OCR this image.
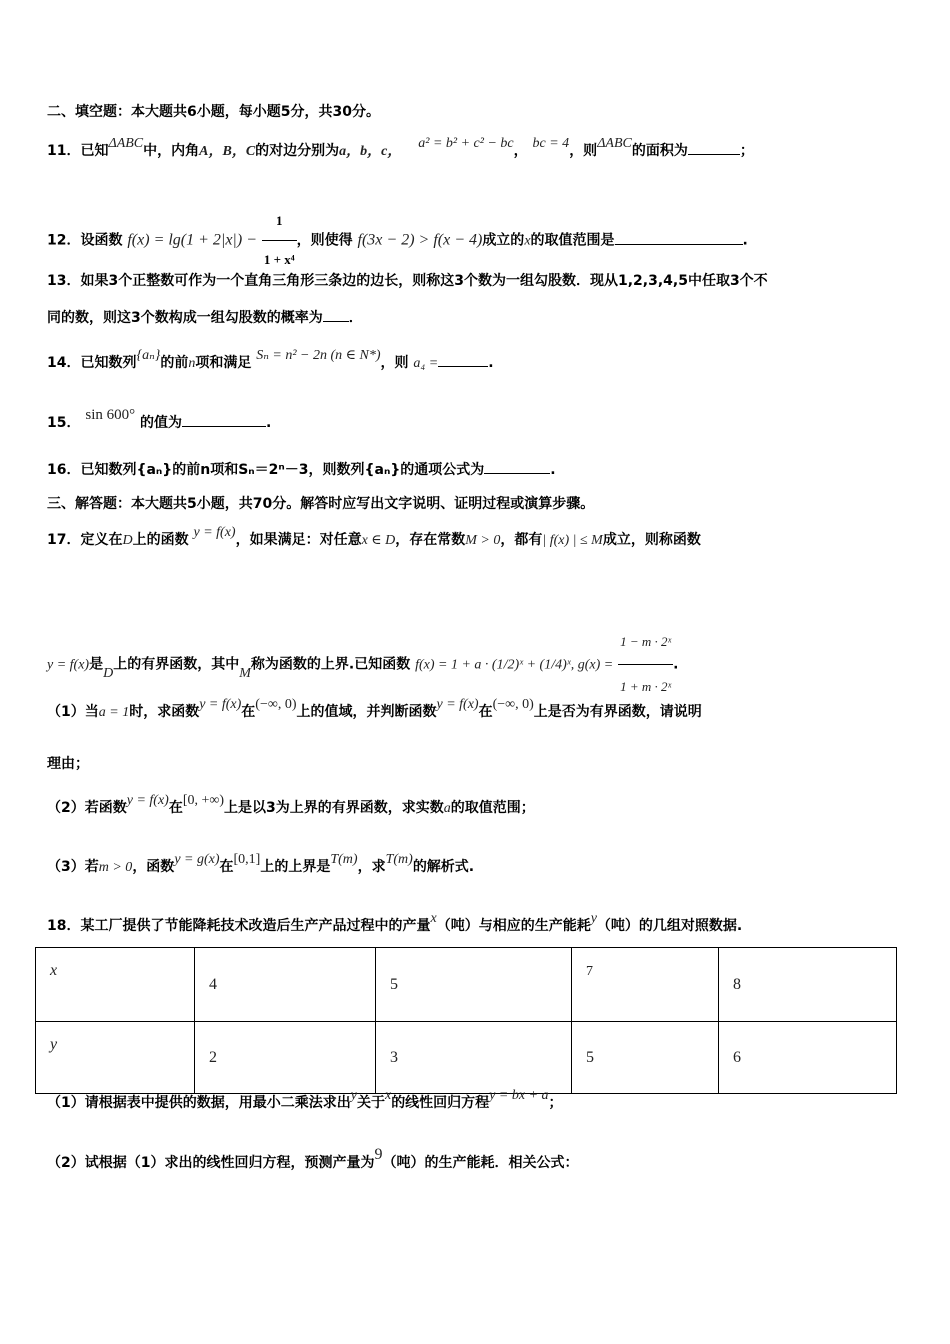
二、填空题：本大题共6小题，每小题5分，共30分。
11．已知ΔABC中，内角A，B，C的对边分别为a，b，c， a² = b² + c² − bc， bc = 4，则ΔABC的面积为	；
12．设函数 $f(x) = \lg(1 + 2|x|) - \frac{1}{\text{1 + x⁴}}$ ，则使得 f(3x − 2) > f(x − 4)成立的x的取值范围是	.
13．如果3个正整数可作为一个直角三角形三条边的边长，则称这3个数为一组勾股数．现从1,2,3,4,5中任取3个不
同的数，则这3个数构成一组勾股数的概率为 ．
14．已知数列{aₙ}的前n项和满足 Sₙ = n² − 2n (n ∈ N*)，则 a₄ =	.
15． sin 600° 的值为	.
16．已知数列{aₙ}的前n项和Sₙ＝2ⁿ－3，则数列{aₙ}的通项公式为	.
三、解答题：本大题共5小题，共70分。解答时应写出文字说明、证明过程或演算步骤。
17．定义在D上的函数 y = f(x)，如果满足：对任意x ∈ D，存在常数M > 0，都有| f(x) | ≤ M成立，则称函数
y = f(x)是D上的有界函数，其中M称为函数的上界.已知函数 f(x) = 1 + a · (1/2)ˣ + (1/4)ˣ, $g(x) = \frac{\text{1 − m · 2ˣ}}{\text{1 + m · 2ˣ}}$ .
（1）当a = 1时，求函数y = f(x)在(−∞, 0)上的值域，并判断函数y = f(x)在(−∞, 0)上是否为有界函数，请说明
理由；
（2）若函数y = f(x)在[0, +∞)上是以3为上界的有界函数，求实数a的取值范围；
（3）若m > 0，函数y = g(x)在[0,1]上的上界是T(m)，求T(m)的解析式.
18．某工厂提供了节能降耗技术改造后生产产品过程中的产量x（吨）与相应的生产能耗y（吨）的几组对照数据.
x	4	5	7	8
y	2	3	5	6
（1）请根据表中提供的数据，用最小二乘法求出y关于x的线性回归方程y = bx + a；
（2）试根据（1）求出的线性回归方程，预测产量为9（吨）的生产能耗．相关公式：
